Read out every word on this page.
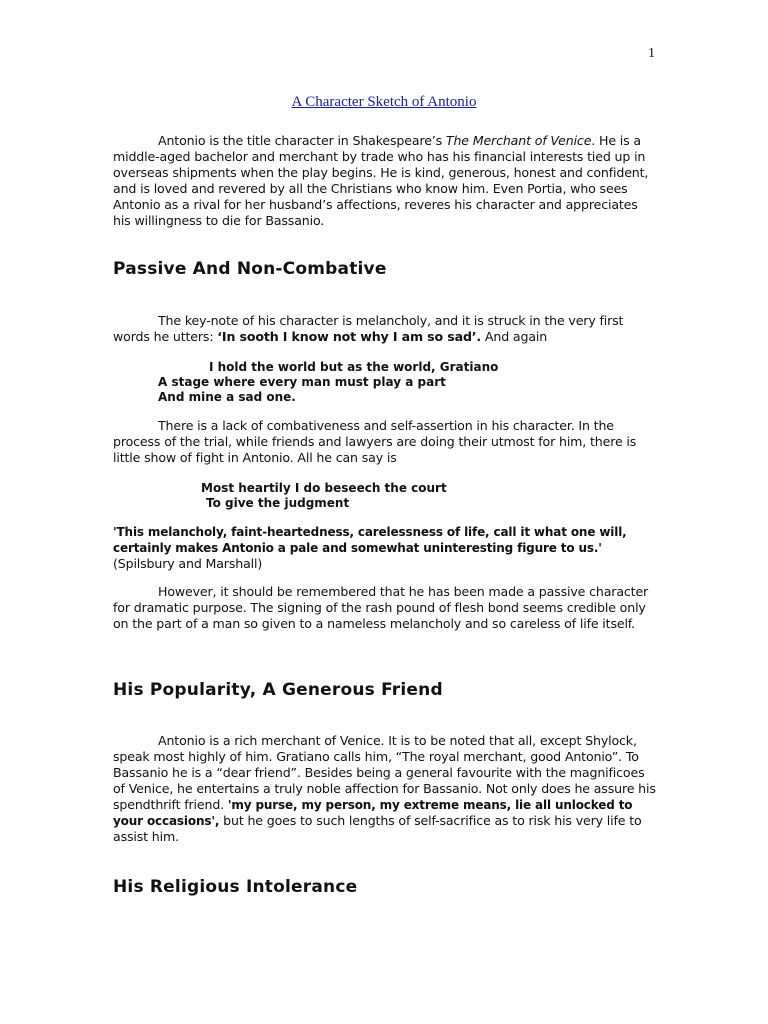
1
A Character Sketch of Antonio

Antonio is the title character in Shakespeare’s The Merchant of Venice. He is a middle-aged bachelor and merchant by trade who has his financial interests tied up in overseas shipments when the play begins. He is kind, generous, honest and confident, and is loved and revered by all the Christians who know him. Even Portia, who sees Antonio as a rival for her husband’s affections, reveres his character and appreciates his willingness to die for Bassanio.

Passive And Non-Combative

The key-note of his character is melancholy, and it is struck in the very first words he utters: ‘In sooth I know not why I am so sad’. And again

I hold the world but as the world, Gratiano
A stage where every man must play a part
And mine a sad one.

There is a lack of combativeness and self-assertion in his character. In the process of the trial, while friends and lawyers are doing their utmost for him, there is little show of fight in Antonio. All he can say is

Most heartily I do beseech the court
To give the judgment

'This melancholy, faint-heartedness, carelessness of life, call it what one will, certainly makes Antonio a pale and somewhat uninteresting figure to us.'
(Spilsbury and Marshall)

However, it should be remembered that he has been made a passive character for dramatic purpose. The signing of the rash pound of flesh bond seems credible only on the part of a man so given to a nameless melancholy and so careless of life itself.

His Popularity, A Generous Friend

Antonio is a rich merchant of Venice. It is to be noted that all, except Shylock, speak most highly of him. Gratiano calls him, “The royal merchant, good Antonio”. To Bassanio he is a “dear friend”. Besides being a general favourite with the magnificoes of Venice, he entertains a truly noble affection for Bassanio. Not only does he assure his spendthrift friend. 'my purse, my person, my extreme means, lie all unlocked to your occasions', but he goes to such lengths of self-sacrifice as to risk his very life to assist him.

His Religious Intolerance
